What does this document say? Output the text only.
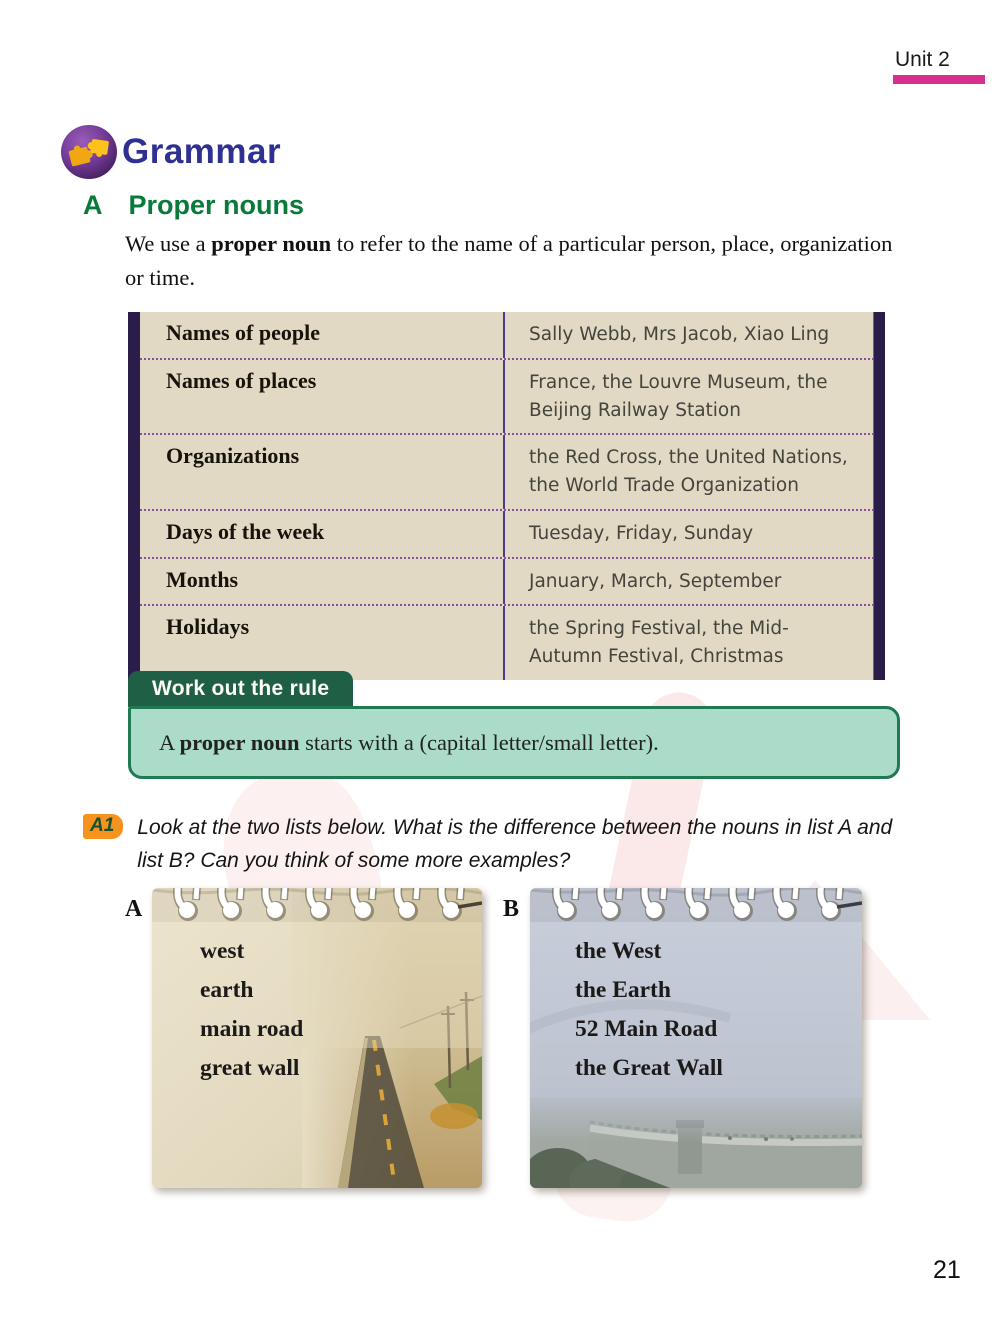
Unit 2
Grammar
A Proper nouns

We use a proper noun to refer to the name of a particular person, place, organization or time.

Names of people	Sally Webb, Mrs Jacob, Xiao Ling
Names of places	France, the Louvre Museum, the Beijing Railway Station
Organizations	the Red Cross, the United Nations, the World Trade Organization
Days of the week	Tuesday, Friday, Sunday
Months	January, March, September
Holidays	the Spring Festival, the Mid-Autumn Festival, Christmas
Work out the rule
A proper noun starts with a (capital letter/small letter).
A1	Look at the two lists below. What is the difference between the nouns in list A and list B? Can you think of some more examples?
A	B
west
earth
main road
great wall
the West
the Earth
52 Main Road
the Great Wall
21
